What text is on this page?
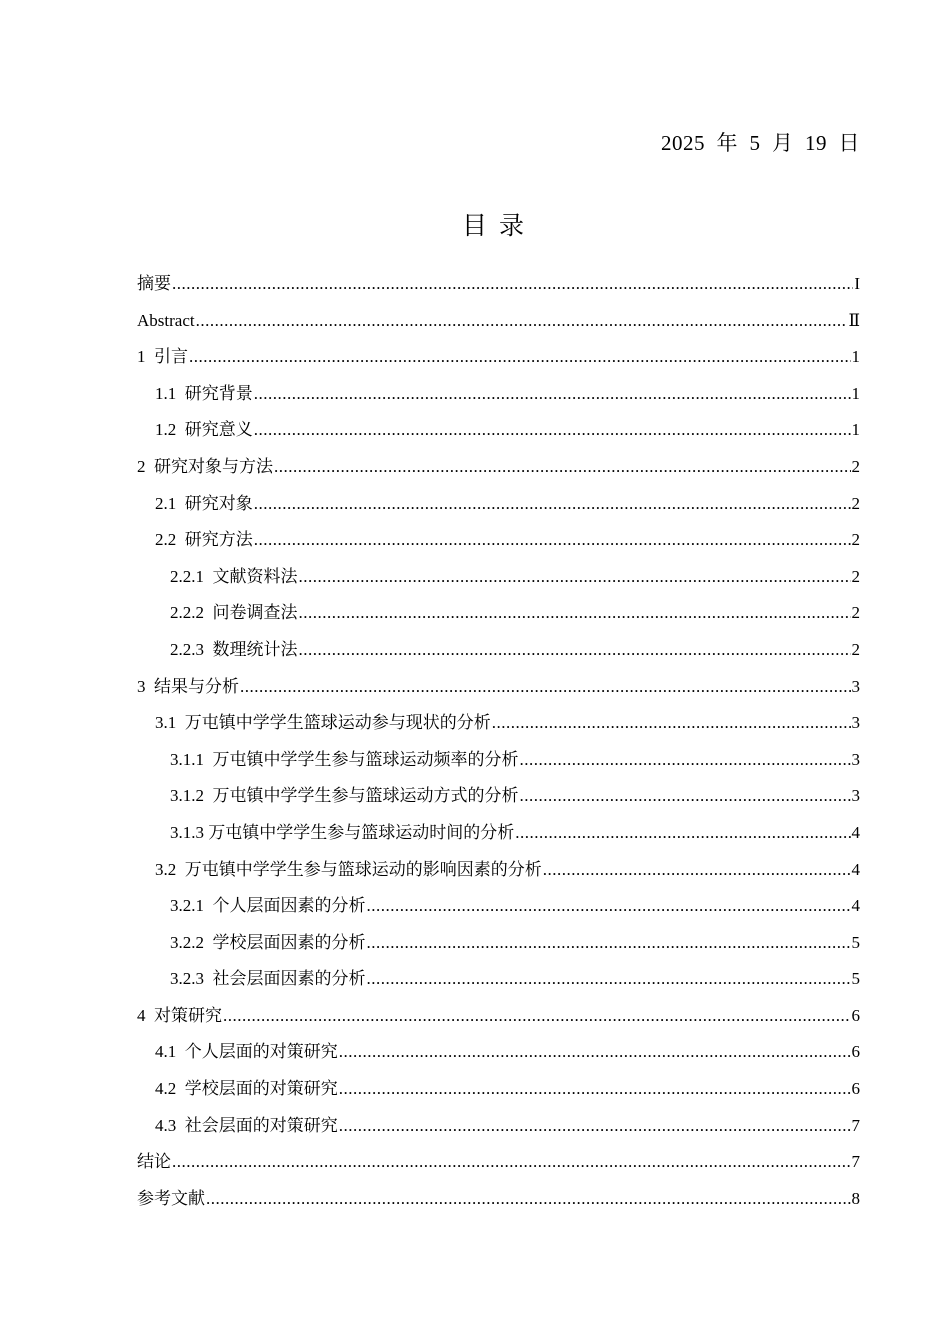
2025  年  5  月  19  日
目录
摘要 .....	I
Abstract .....	Ⅱ
1  引言 .....	1
1.1  研究背景 .....	1
1.2  研究意义 .....	1
2  研究对象与方法 .....	2
2.1  研究对象 .....	2
2.2  研究方法 .....	2
2.2.1  文献资料法 .....	2
2.2.2  问卷调查法 .....	2
2.2.3  数理统计法 .....	2
3  结果与分析 .....	3
3.1  万屯镇中学学生篮球运动参与现状的分析 .....	3
3.1.1  万屯镇中学学生参与篮球运动频率的分析 .....	3
3.1.2  万屯镇中学学生参与篮球运动方式的分析 .....	3
3.1.3 万屯镇中学学生参与篮球运动时间的分析 .....	4
3.2  万屯镇中学学生参与篮球运动的影响因素的分析 .....	4
3.2.1  个人层面因素的分析 .....	4
3.2.2  学校层面因素的分析 .....	5
3.2.3  社会层面因素的分析 .....	5
4  对策研究 .....	6
4.1  个人层面的对策研究 .....	6
4.2  学校层面的对策研究 .....	6
4.3  社会层面的对策研究 .....	7
结论 .....	7
参考文献 .....	8
